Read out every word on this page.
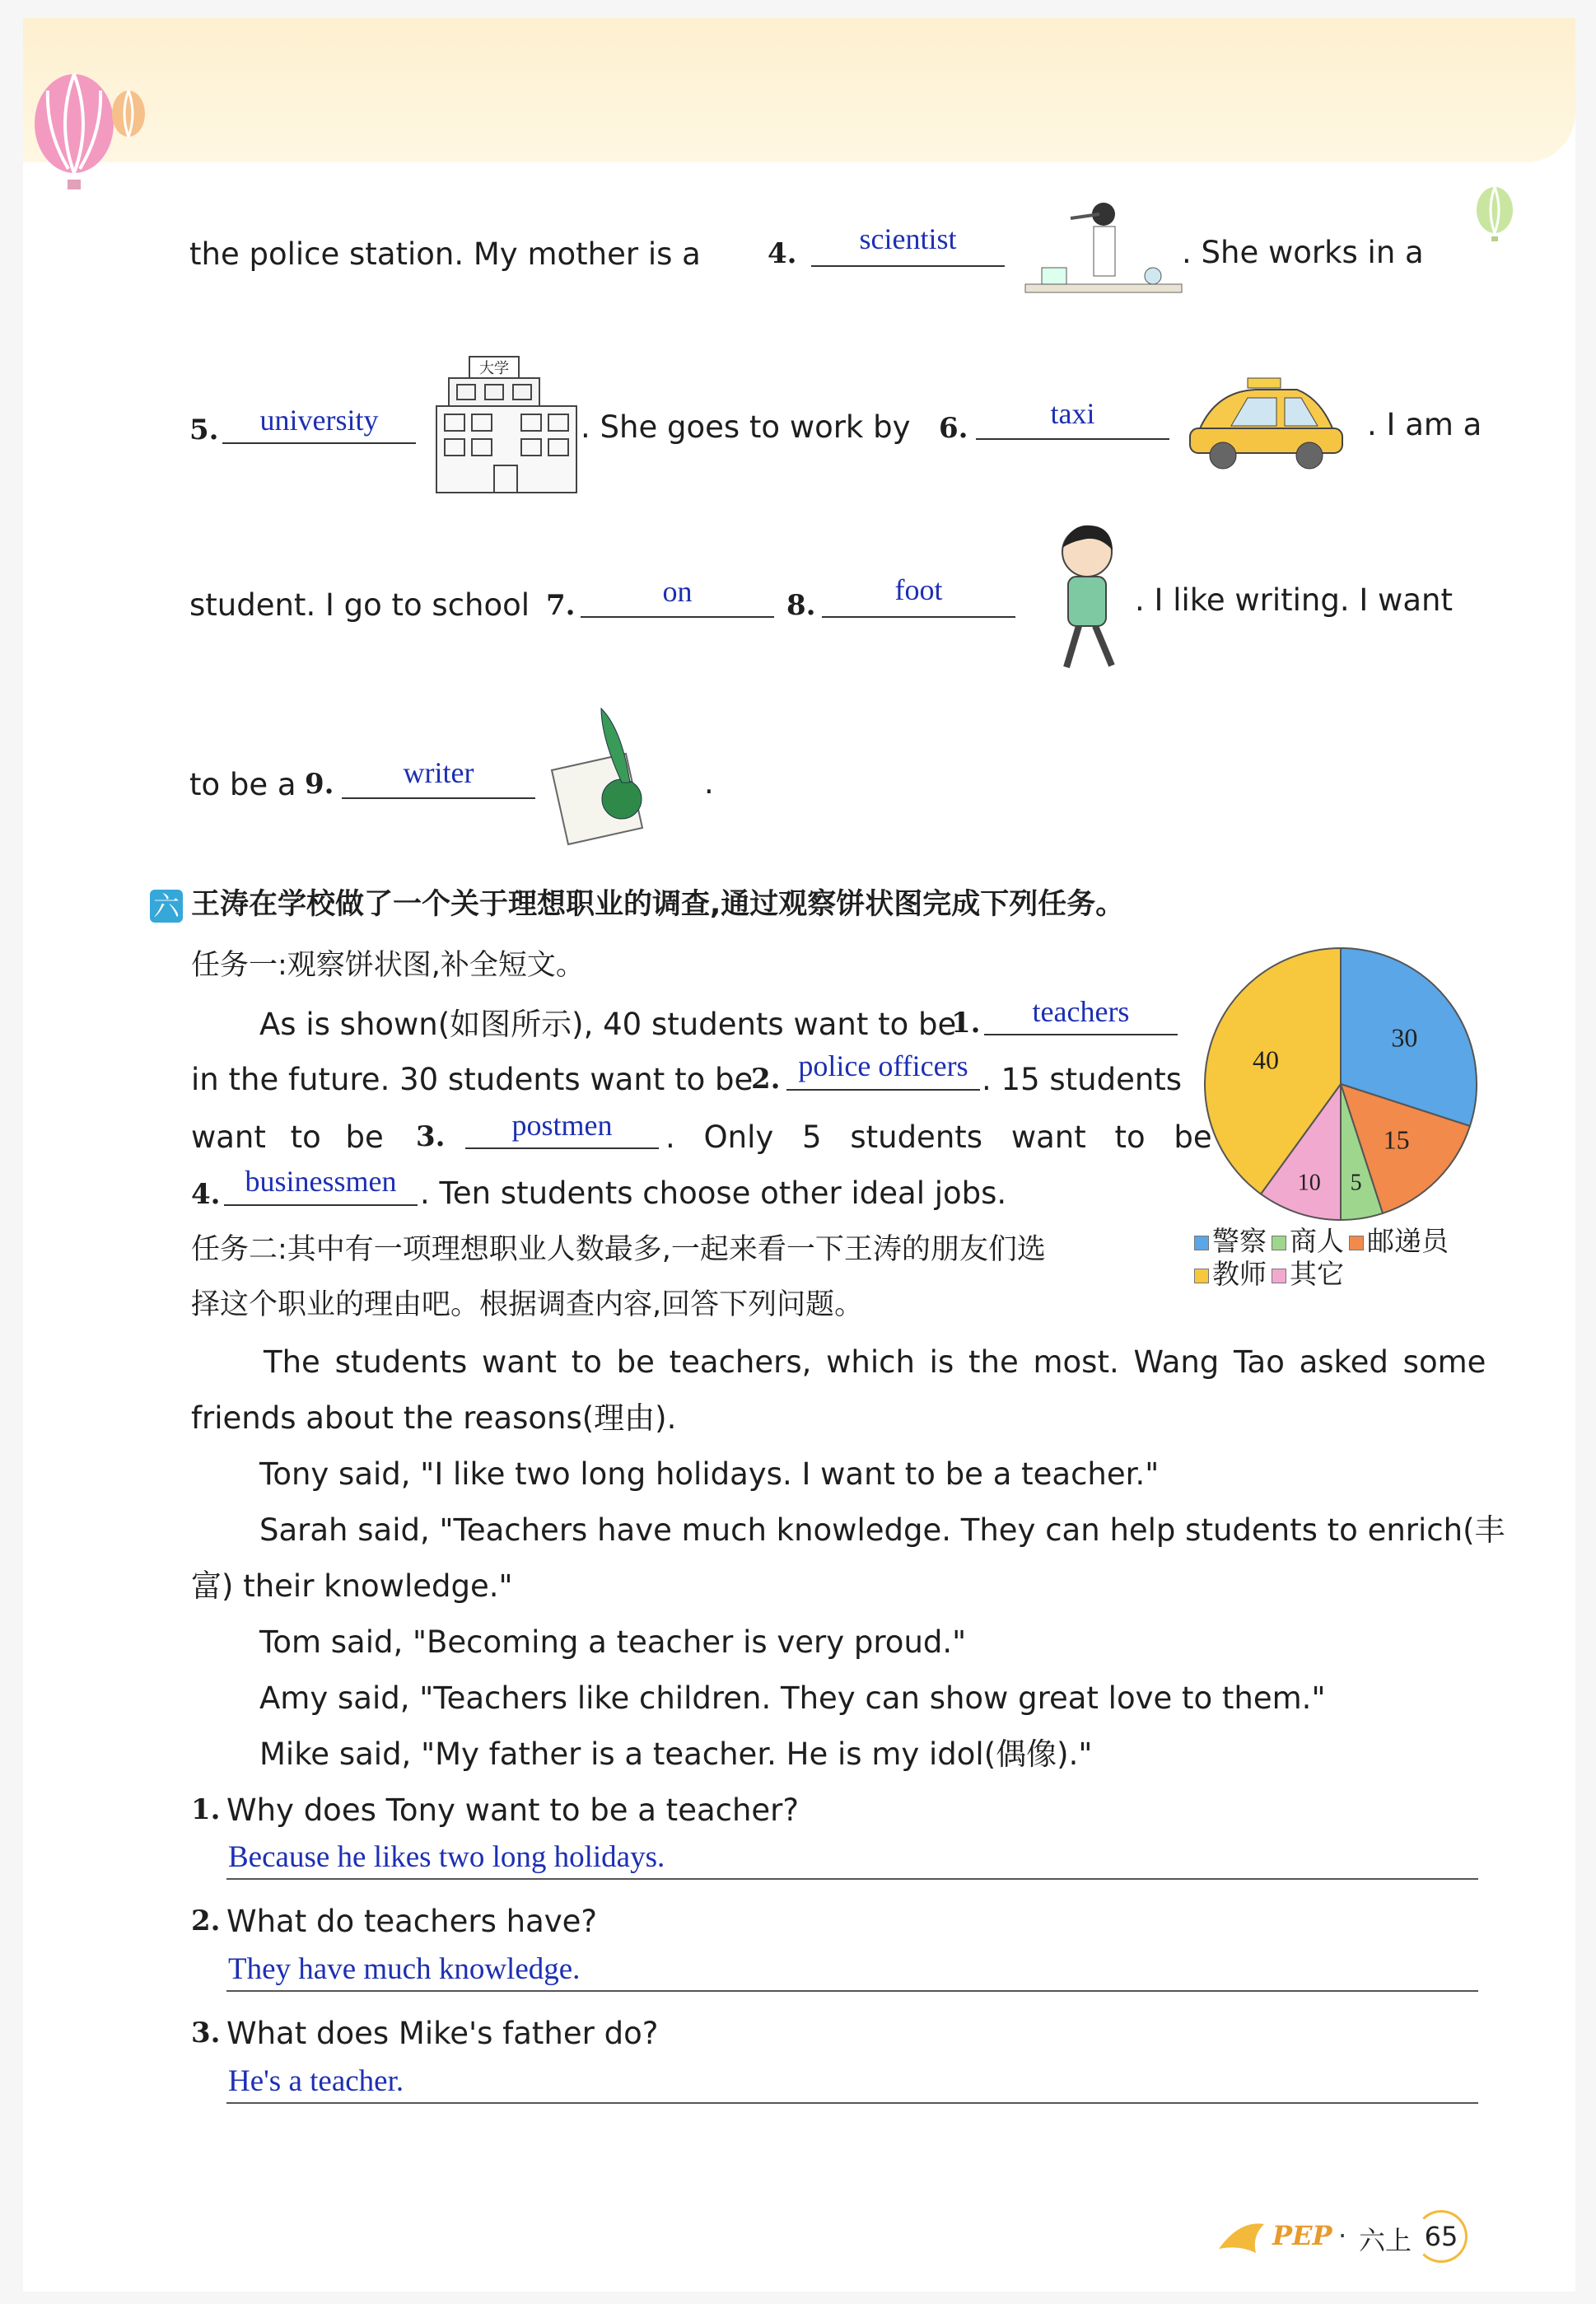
the police station. My mother is a 4.	scientist	. She works in a
5.	university
大学
. She goes to work by 6.	taxi	. I am a
student. I go to school 7.	on	8.	foot	. I like writing. I want
to be a 9.	writer	.
六 王涛在学校做了一个关于理想职业的调查,通过观察饼状图完成下列任务。
任务一:观察饼状图,补全短文。
As is shown(如图所示), 40 students want to be
1.	teachers
in the future. 30 students want to be
2. police officers . 15 students
want to be 3.	postmen	. Only 5 students want to be
4. businessmen . Ten students choose other ideal jobs.
30
15
5
10
40
警察 商人 邮递员
教师 其它
任务二:其中有一项理想职业人数最多,一起来看一下王涛的朋友们选
择这个职业的理由吧。根据调查内容,回答下列问题。
The students want to be teachers, which is the most. Wang Tao asked some
friends about the reasons(理由).
Tony said, "I like two long holidays. I want to be a teacher."
Sarah said, "Teachers have much knowledge. They can help students to enrich(丰
富) their knowledge."
Tom said, "Becoming a teacher is very proud."
Amy said, "Teachers like children. They can show great love to them."
Mike said, "My father is a teacher. He is my idol(偶像)."
1. Why does Tony want to be a teacher?
Because he likes two long holidays.
2. What do teachers have?
They have much knowledge.
3. What does Mike's father do?
He's a teacher.
PEP · 六上 65
